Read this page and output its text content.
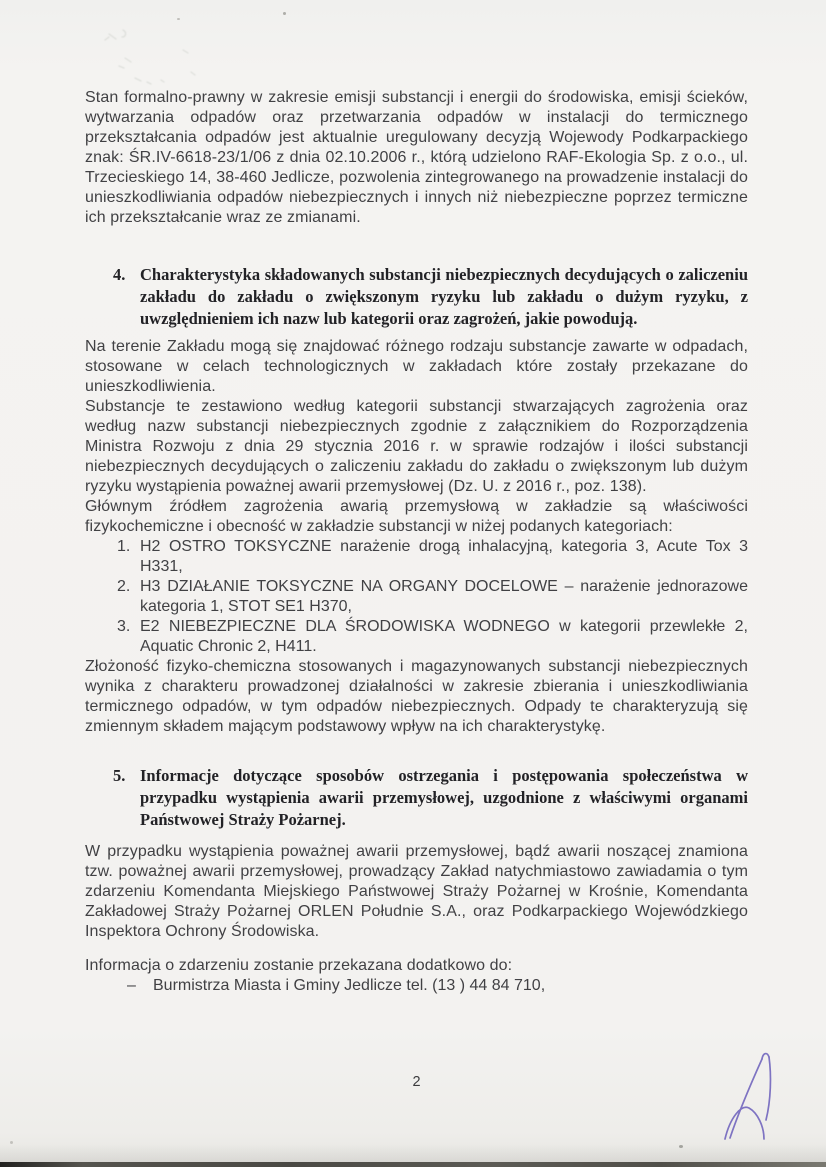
Stan formalno-prawny w zakresie emisji substancji i energii do środowiska, emisji ścieków, wytwarzania odpadów oraz przetwarzania odpadów w instalacji do termicznego przekształcania odpadów jest aktualnie uregulowany decyzją Wojewody Podkarpackiego znak: ŚR.IV-6618-23/1/06 z dnia 02.10.2006 r., którą udzielono RAF-Ekologia Sp. z o.o., ul. Trzecieskiego 14, 38-460 Jedlicze, pozwolenia zintegrowanego na prowadzenie instalacji do unieszkodliwiania odpadów niebezpiecznych i innych niż niebezpieczne poprzez termiczne ich przekształcanie wraz ze zmianami.

4. Charakterystyka składowanych substancji niebezpiecznych decydujących o zaliczeniu zakładu do zakładu o zwiększonym ryzyku lub zakładu o dużym ryzyku, z uwzględnieniem ich nazw lub kategorii oraz zagrożeń, jakie powodują.

Na terenie Zakładu mogą się znajdować różnego rodzaju substancje zawarte w odpadach, stosowane w celach technologicznych w zakładach które zostały przekazane do unieszkodliwienia.

Substancje te zestawiono według kategorii substancji stwarzających zagrożenia oraz według nazw substancji niebezpiecznych zgodnie z załącznikiem do Rozporządzenia Ministra Rozwoju z dnia 29 stycznia 2016 r. w sprawie rodzajów i ilości substancji niebezpiecznych decydujących o zaliczeniu zakładu do zakładu o zwiększonym lub dużym ryzyku wystąpienia poważnej awarii przemysłowej (Dz. U. z 2016 r., poz. 138).

Głównym źródłem zagrożenia awarią przemysłową w zakładzie są właściwości fizykochemiczne i obecność w zakładzie substancji w niżej podanych kategoriach:

1. H2 OSTRO TOKSYCZNE narażenie drogą inhalacyjną, kategoria 3, Acute Tox 3 H331,
2. H3 DZIAŁANIE TOKSYCZNE NA ORGANY DOCELOWE – narażenie jednorazowe kategoria 1, STOT SE1 H370,
3. E2 NIEBEZPIECZNE DLA ŚRODOWISKA WODNEGO w kategorii przewlekłe 2, Aquatic Chronic 2, H411.

Złożoność fizyko-chemiczna stosowanych i magazynowanych substancji niebezpiecznych wynika z charakteru prowadzonej działalności w zakresie zbierania i unieszkodliwiania termicznego odpadów, w tym odpadów niebezpiecznych. Odpady te charakteryzują się zmiennym składem mającym podstawowy wpływ na ich charakterystykę.

5. Informacje dotyczące sposobów ostrzegania i postępowania społeczeństwa w przypadku wystąpienia awarii przemysłowej, uzgodnione z właściwymi organami Państwowej Straży Pożarnej.

W przypadku wystąpienia poważnej awarii przemysłowej, bądź awarii noszącej znamiona tzw. poważnej awarii przemysłowej, prowadzący Zakład natychmiastowo zawiadamia o tym zdarzeniu Komendanta Miejskiego Państwowej Straży Pożarnej w Krośnie, Komendanta Zakładowej Straży Pożarnej ORLEN Południe S.A., oraz Podkarpackiego Wojewódzkiego Inspektora Ochrony Środowiska.

Informacja o zdarzeniu zostanie przekazana dodatkowo do:

–	Burmistrza Miasta i Gminy Jedlicze tel. (13 ) 44 84 710,
2
